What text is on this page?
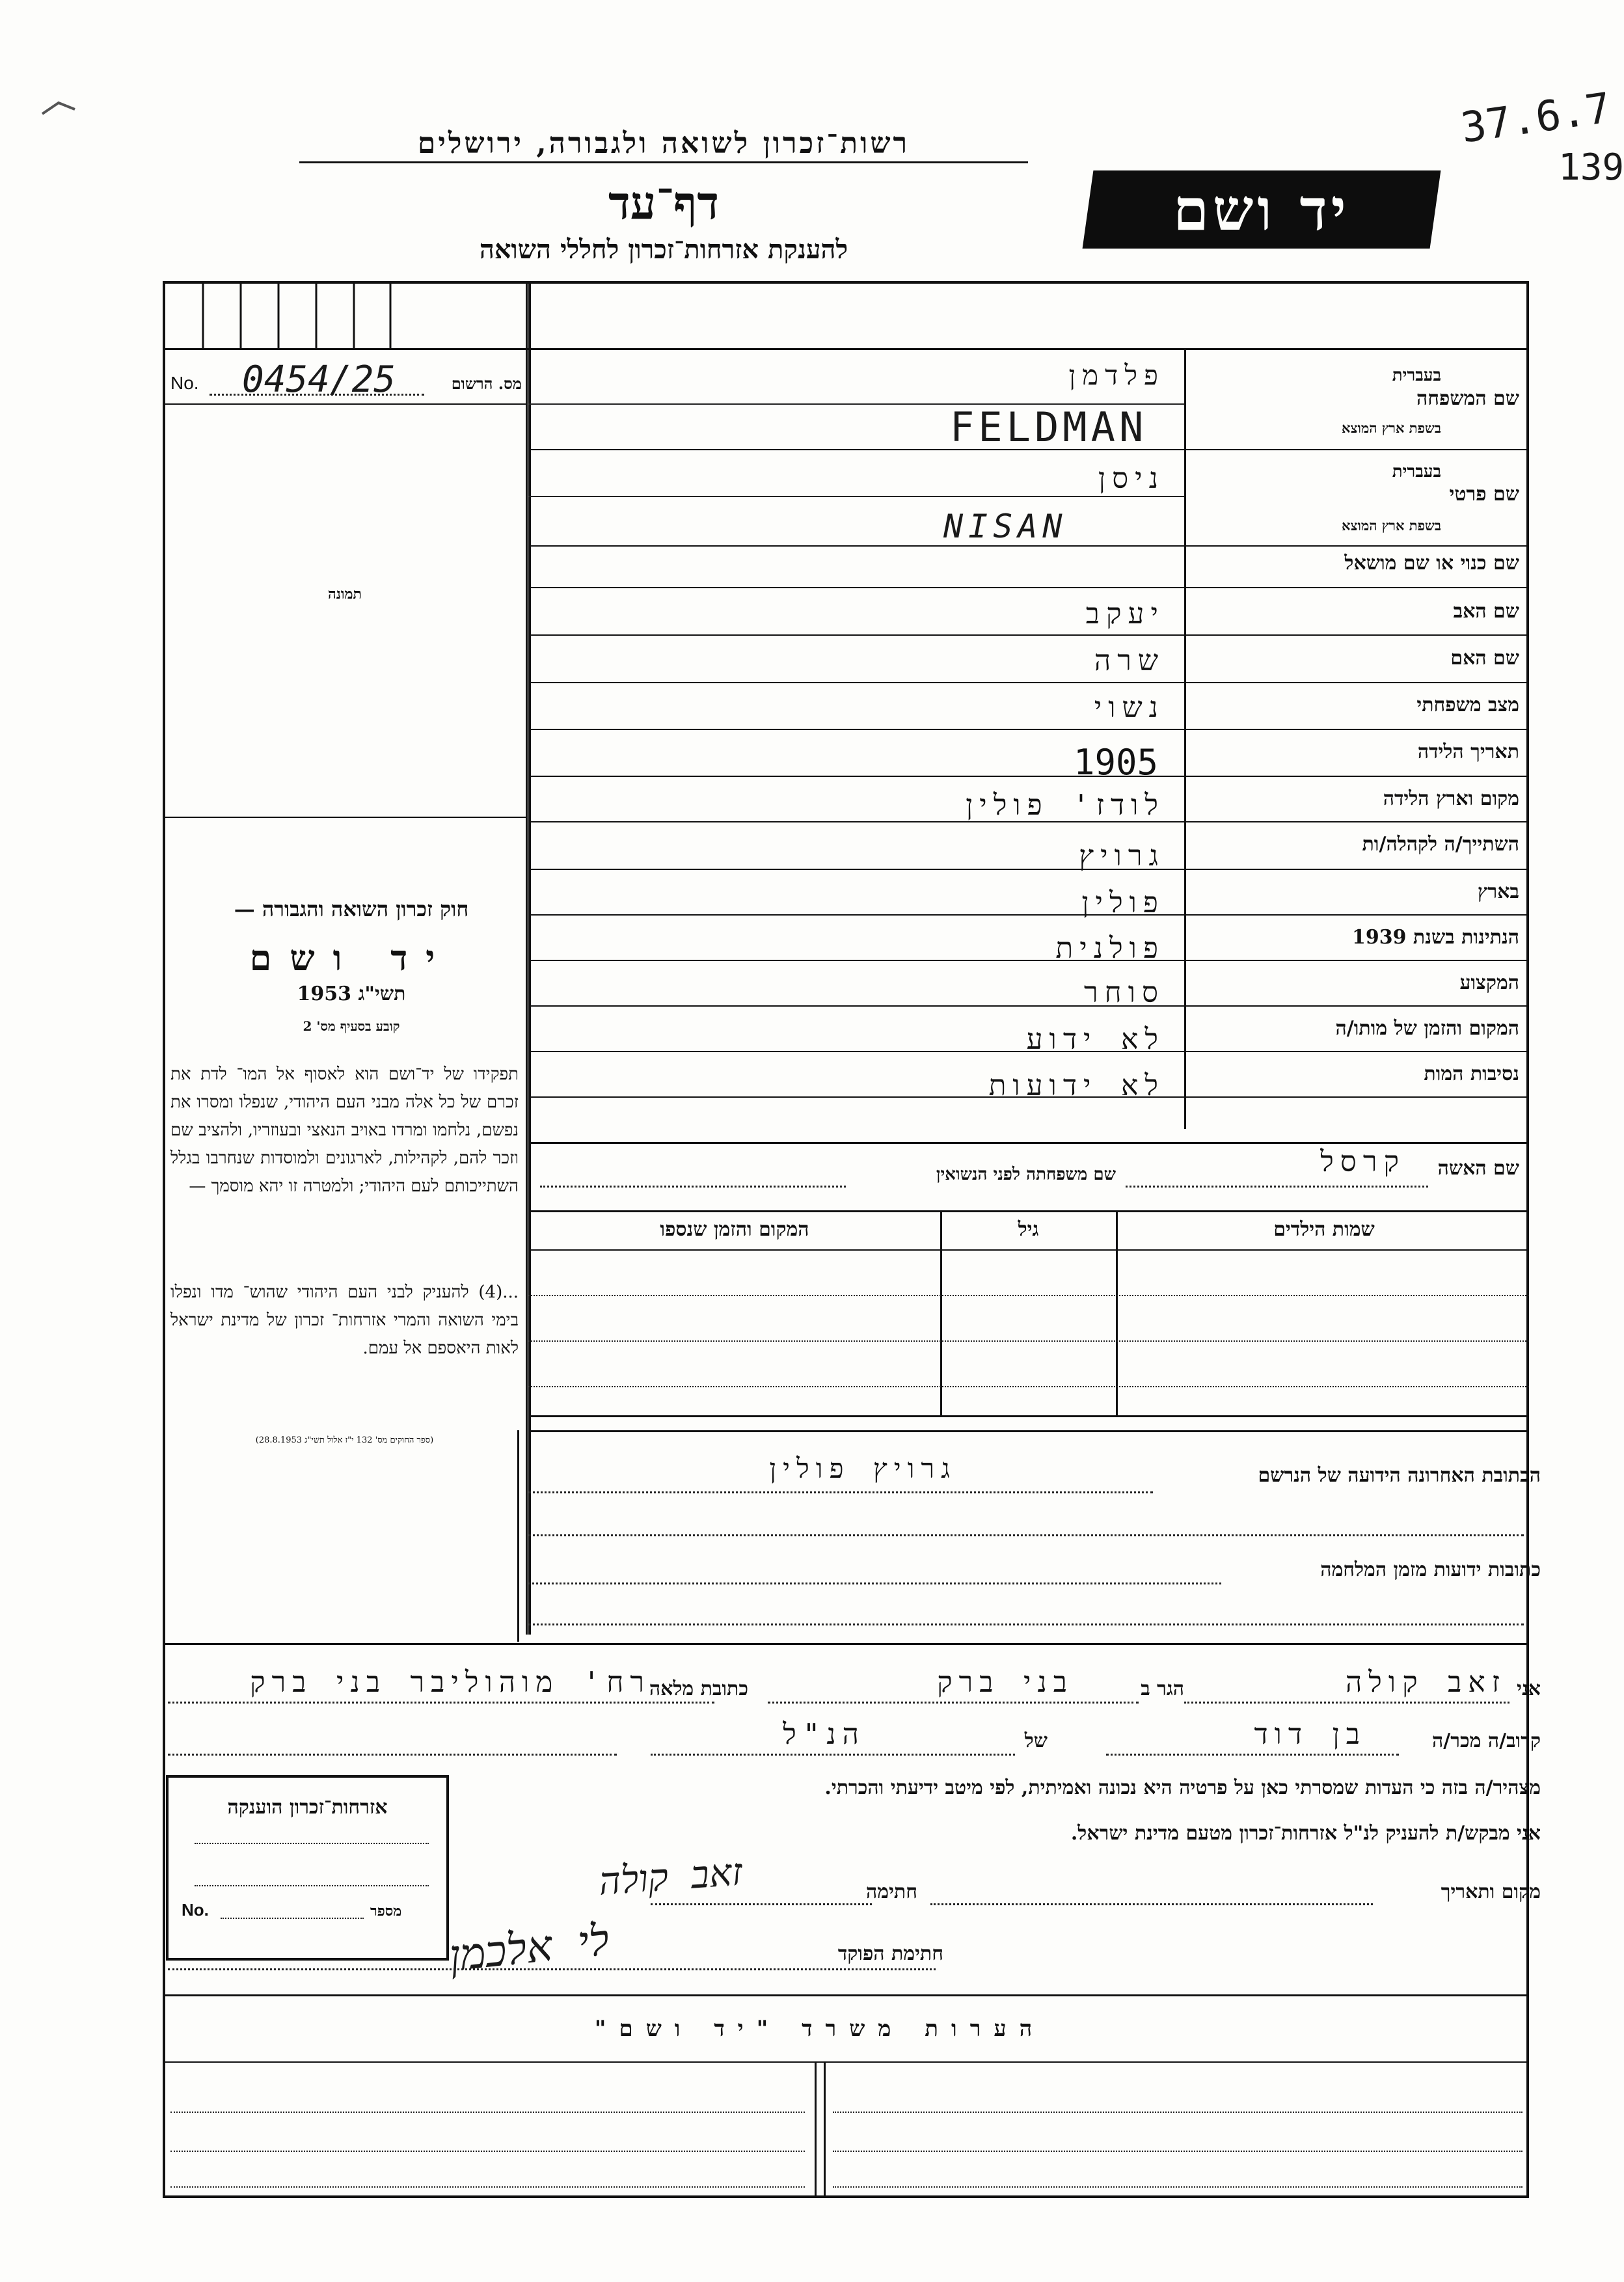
רשות־זכרון לשואה ולגבורה, ירושלים
דף־עד
להענקת אזרחות־זכרון לחללי השואה
יד ושם
37.6.7
139
No. 0454/25	מס. הרשום
תמונה
חוק זכרון השואה והגבורה —
יד ושם
תשי"ג 1953
קובע בסעיף מס' 2
תפקידו של יד־ושם הוא לאסוף אל המו־ לדת את זכרם של כל אלה מבני העם היהודי, שנפלו ומסרו את נפשם, נלחמו ומרדו באויב הנאצי ובעוזריו, ולהציב שם וזכר להם, לקהילות, לארגונים ולמוסדות שנחרבו בגלל השתייכותם לעם היהודי; ולמטרה זו יהא מוסמך —
...(4) להעניק לבני העם היהודי שהוש־ מדו ונפלו בימי השואה והמרי אזרחות־ זכרון של מדינת ישראל לאות היאספם אל עמם.
(ספר החוקים מס' 132 י"ז אלול תשי"ג 28.8.1953)
שם המשפחה
בעברית
בשפת ארץ המוצא
פלדמן
FELDMAN
שם פרטי
בעברית
בשפת ארץ המוצא
ניסן
NISAN
שם כנוי או שם מושאל
שם האב
יעקב
שם האם
שרה
מצב משפחתי
נשוי
תאריך הלידה
1905
מקום וארץ הלידה
לודז' פולין
השתייך/ה לקהלה/ות
גרויץ
בארץ
פולין
הנתינות בשנת 1939
פולנית
המקצוע
סוחר
המקום והזמן של מותו/ה
לא ידוע
נסיבות המות
לא ידועות
שם האשה
קרסל
שם משפחתה לפני הנשואין
שמות הילדים
גיל
המקום והזמן שנספו
הכתובת האחרונה הידועה של הנרשם
גרויץ פולין
כתובות ידועות מזמן המלחמה
אני
זאב קולה
הגר ב
בני ברק
כתובת מלאה
רח' מוהוליבר בני ברק
קרוב/ה מכר/ה
בן דוד
של
הנ"ל
מצהיר/ה בזה כי העדות שמסרתי כאן על פרטיה היא נכונה ואמיתית, לפי מיטב ידיעתי והכרתי.
אני מבקש/ת להעניק לנ"ל אזרחות־זכרון מטעם מדינת ישראל.
מקום ותאריך
חתימה
זאב קולה
חתימת הפוקד
לי אלכמן
אזרחות־זכרון הוענקה
No.	מספר
הערות משרד "יד ושם"
